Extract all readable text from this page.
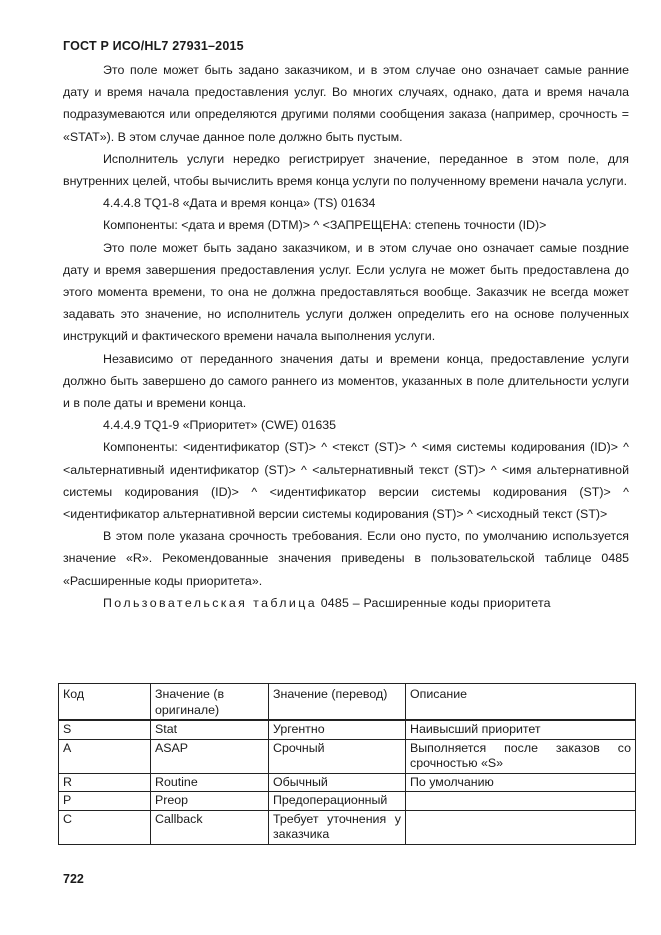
ГОСТ Р ИСО/HL7 27931–2015

Это поле может быть задано заказчиком, и в этом случае оно означает самые ранние дату и время начала предоставления услуг. Во многих случаях, однако, дата и время начала подразумеваются или определяются другими полями сообщения заказа (например, срочность = «STAT»). В этом случае данное поле должно быть пустым.

Исполнитель услуги нередко регистрирует значение, переданное в этом поле, для внутренних целей, чтобы вычислить время конца услуги по полученному времени начала услуги.

4.4.4.8 TQ1-8 «Дата и время конца» (TS) 01634

Компоненты: <дата и время (DTM)> ^ <ЗАПРЕЩЕНА: степень точности (ID)>

Это поле может быть задано заказчиком, и в этом случае оно означает самые поздние дату и время завершения предоставления услуг. Если услуга не может быть предоставлена до этого момента времени, то она не должна предоставляться вообще. Заказчик не всегда может задавать это значение, но исполнитель услуги должен определить его на основе полученных инструкций и фактического времени начала выполнения услуги.

Независимо от переданного значения даты и времени конца, предоставление услуги должно быть завершено до самого раннего из моментов, указанных в поле длительности услуги и в поле даты и времени конца.

4.4.4.9 TQ1-9 «Приоритет» (CWE) 01635

Компоненты: <идентификатор (ST)> ^ <текст (ST)> ^ <имя системы кодирования (ID)> ^ <альтернативный идентификатор (ST)> ^ <альтернативный текст (ST)> ^ <имя альтернативной системы кодирования (ID)> ^ <идентификатор версии системы кодирования (ST)> ^ <идентификатор альтернативной версии системы кодирования (ST)> ^ <исходный текст (ST)>

В этом поле указана срочность требования. Если оно пусто, по умолчанию используется значение «R». Рекомендованные значения приведены в пользовательской таблице 0485 «Расширенные коды приоритета».

Пользовательская таблица 0485 – Расширенные коды приоритета

Код	Значение (в оригинале)	Значение (перевод)	Описание
S	Stat	Ургентно	Наивысший приоритет
A	ASAP	Срочный	Выполняется после заказов со срочностью «S»
R	Routine	Обычный	По умолчанию
P	Preop	Предоперационный	
C	Callback	Требует уточнения у заказчика	
722
